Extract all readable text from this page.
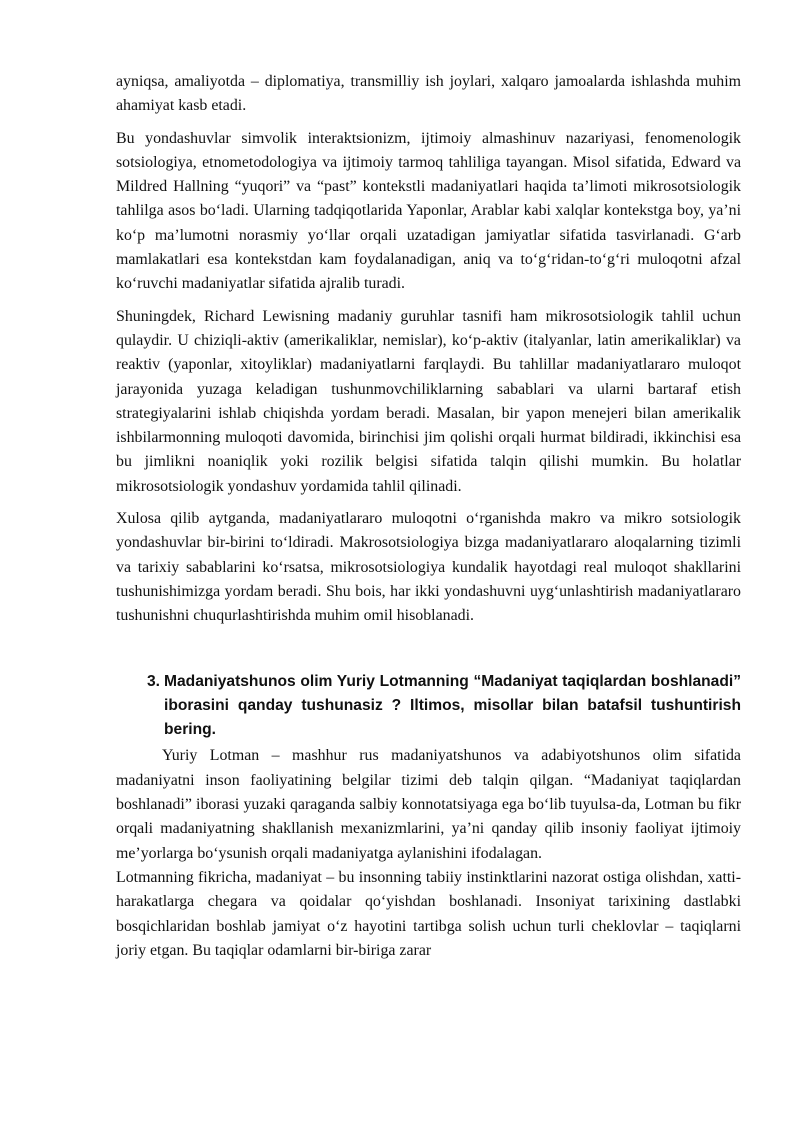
ayniqsa, amaliyotda – diplomatiya, transmilliy ish joylari, xalqaro jamoalarda ishlashda muhim ahamiyat kasb etadi.

Bu yondashuvlar simvolik interaktsionizm, ijtimoiy almashinuv nazariyasi, fenomenologik sotsiologiya, etnometodologiya va ijtimoiy tarmoq tahliliga tayangan. Misol sifatida, Edward va Mildred Hallning “yuqori” va “past” kontekstli madaniyatlari haqida ta’limoti mikrosotsiologik tahlilga asos bo‘ladi. Ularning tadqiqotlarida Yaponlar, Arablar kabi xalqlar kontekstga boy, ya’ni ko‘p ma’lumotni norasmiy yo‘llar orqali uzatadigan jamiyatlar sifatida tasvirlanadi. G‘arb mamlakatlari esa kontekstdan kam foydalanadigan, aniq va to‘g‘ridan-to‘g‘ri muloqotni afzal ko‘ruvchi madaniyatlar sifatida ajralib turadi.

Shuningdek, Richard Lewisning madaniy guruhlar tasnifi ham mikrosotsiologik tahlil uchun qulaydir. U chiziqli-aktiv (amerikaliklar, nemislar), ko‘p-aktiv (italyanlar, latin amerikaliklar) va reaktiv (yaponlar, xitoyliklar) madaniyatlarni farqlaydi. Bu tahlillar madaniyatlararo muloqot jarayonida yuzaga keladigan tushunmovchiliklarning sabablari va ularni bartaraf etish strategiyalarini ishlab chiqishda yordam beradi. Masalan, bir yapon menejeri bilan amerikalik ishbilarmonning muloqoti davomida, birinchisi jim qolishi orqali hurmat bildiradi, ikkinchisi esa bu jimlikni noaniqlik yoki rozilik belgisi sifatida talqin qilishi mumkin. Bu holatlar mikrosotsiologik yondashuv yordamida tahlil qilinadi.

Xulosa qilib aytganda, madaniyatlararo muloqotni o‘rganishda makro va mikro sotsiologik yondashuvlar bir-birini to‘ldiradi. Makrosotsiologiya bizga madaniyatlararo aloqalarning tizimli va tarixiy sabablarini ko‘rsatsa, mikrosotsiologiya kundalik hayotdagi real muloqot shakllarini tushunishimizga yordam beradi. Shu bois, har ikki yondashuvni uyg‘unlashtirish madaniyatlararo tushunishni chuqurlashtirishda muhim omil hisoblanadi.

3. Madaniyatshunos olim Yuriy Lotmanning “Madaniyat taqiqlardan boshlanadi” iborasini qanday tushunasiz ? Iltimos, misollar bilan batafsil tushuntirish bering.

Yuriy Lotman – mashhur rus madaniyatshunos va adabiyotshunos olim sifatida madaniyatni inson faoliyatining belgilar tizimi deb talqin qilgan. “Madaniyat taqiqlardan boshlanadi” iborasi yuzaki qaraganda salbiy konnotatsiyaga ega bo‘lib tuyulsa-da, Lotman bu fikr orqali madaniyatning shakllanish mexanizmlarini, ya’ni qanday qilib insoniy faoliyat ijtimoiy me’yorlarga bo‘ysunish orqali madaniyatga aylanishini ifodalagan.

Lotmanning fikricha, madaniyat – bu insonning tabiiy instinktlarini nazorat ostiga olishdan, xatti-harakatlarga chegara va qoidalar qo‘yishdan boshlanadi. Insoniyat tarixining dastlabki bosqichlaridan boshlab jamiyat o‘z hayotini tartibga solish uchun turli cheklovlar – taqiqlarni joriy etgan. Bu taqiqlar odamlarni bir-biriga zarar
